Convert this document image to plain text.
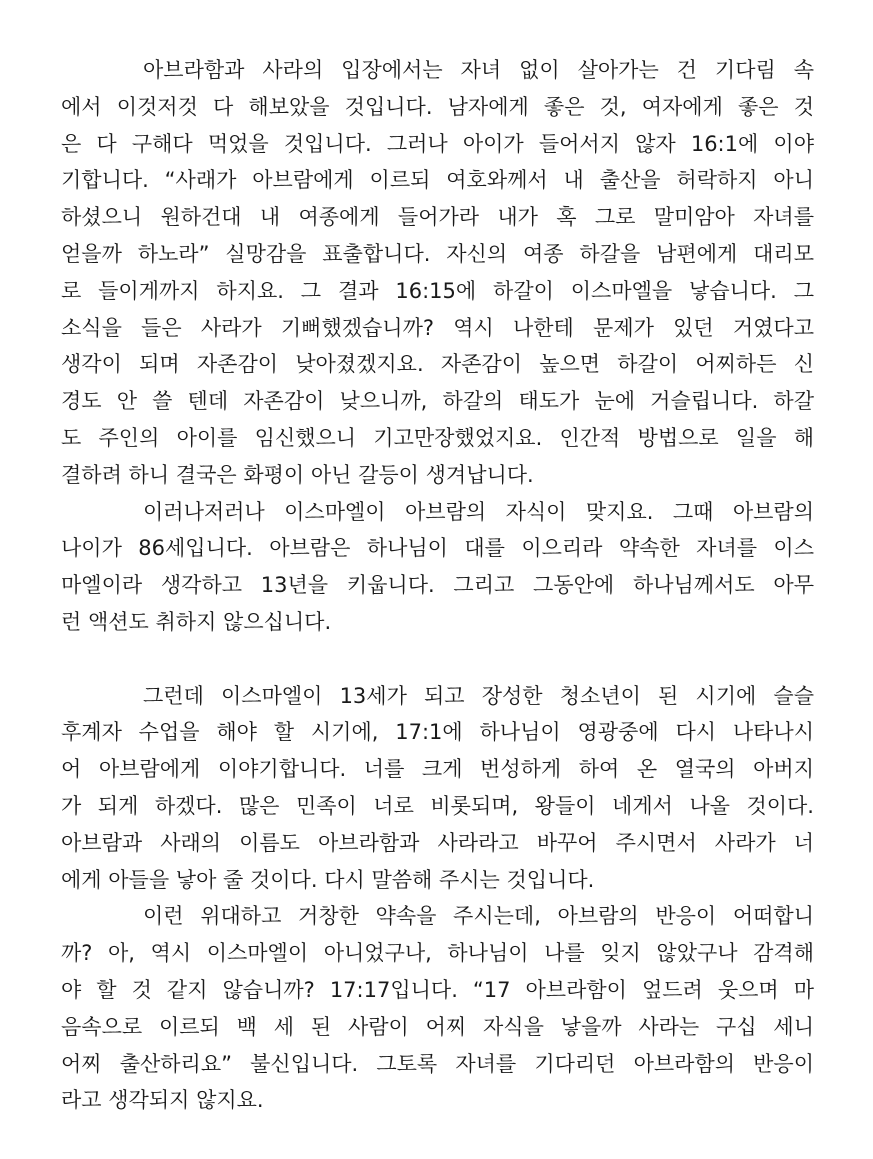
아브라함과 사라의 입장에서는 자녀 없이 살아가는 건 기다림 속
에서 이것저것 다 해보았을 것입니다. 남자에게 좋은 것, 여자에게 좋은 것
은 다 구해다 먹었을 것입니다. 그러나 아이가 들어서지 않자 16:1에 이야
기합니다. “사래가 아브람에게 이르되 여호와께서 내 출산을 허락하지 아니
하셨으니 원하건대 내 여종에게 들어가라 내가 혹 그로 말미암아 자녀를
얻을까 하노라” 실망감을 표출합니다. 자신의 여종 하갈을 남편에게 대리모
로 들이게까지 하지요. 그 결과 16:15에 하갈이 이스마엘을 낳습니다. 그
소식을 들은 사라가 기뻐했겠습니까? 역시 나한테 문제가 있던 거였다고
생각이 되며 자존감이 낮아졌겠지요. 자존감이 높으면 하갈이 어찌하든 신
경도 안 쓸 텐데 자존감이 낮으니까, 하갈의 태도가 눈에 거슬립니다. 하갈
도 주인의 아이를 임신했으니 기고만장했었지요. 인간적 방법으로 일을 해
결하려 하니 결국은 화평이 아닌 갈등이 생겨납니다.
이러나저러나 이스마엘이 아브람의 자식이 맞지요. 그때 아브람의
나이가 86세입니다. 아브람은 하나님이 대를 이으리라 약속한 자녀를 이스
마엘이라 생각하고 13년을 키웁니다. 그리고 그동안에 하나님께서도 아무
런 액션도 취하지 않으십니다.
그런데 이스마엘이 13세가 되고 장성한 청소년이 된 시기에 슬슬
후계자 수업을 해야 할 시기에, 17:1에 하나님이 영광중에 다시 나타나시
어 아브람에게 이야기합니다. 너를 크게 번성하게 하여 온 열국의 아버지
가 되게 하겠다. 많은 민족이 너로 비롯되며, 왕들이 네게서 나올 것이다.
아브람과 사래의 이름도 아브라함과 사라라고 바꾸어 주시면서 사라가 너
에게 아들을 낳아 줄 것이다. 다시 말씀해 주시는 것입니다.
이런 위대하고 거창한 약속을 주시는데, 아브람의 반응이 어떠합니
까? 아, 역시 이스마엘이 아니었구나, 하나님이 나를 잊지 않았구나 감격해
야 할 것 같지 않습니까? 17:17입니다. “17 아브라함이 엎드려 웃으며 마
음속으로 이르되 백 세 된 사람이 어찌 자식을 낳을까 사라는 구십 세니
어찌 출산하리요” 불신입니다. 그토록 자녀를 기다리던 아브라함의 반응이
라고 생각되지 않지요.
